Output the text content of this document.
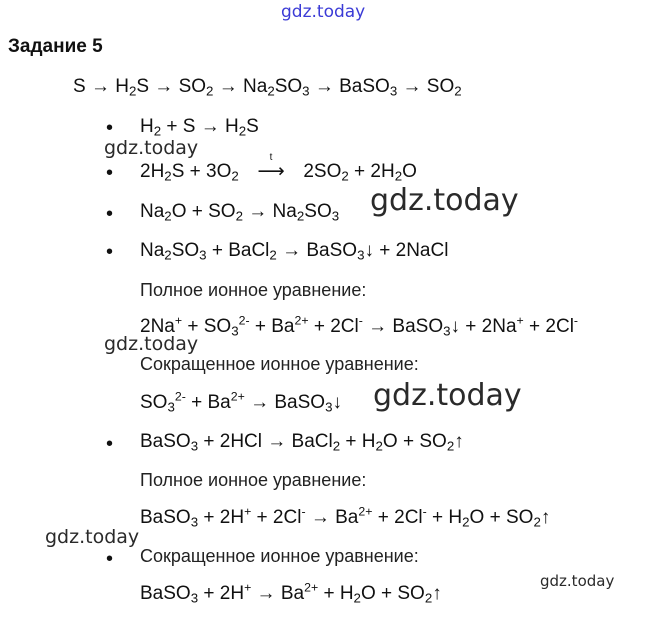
gdz.today
gdz.today
gdz.today
gdz.today
gdz.today
gdz.today
gdz.today
Задание 5
$S \to H_2S \to SO_2 \to Na_2SO_3$ → BaSO$_3$ → $SO_2$
• $H_2 + S \to H_2S$
• $2H_2S + 3O_2$
t
⟶ $2SO_2 + 2H_2O$
• $Na_2O + SO_2 \to Na_2SO_3$
• $Na_2SO_3$ + BaCl$_2$ → BaSO$_3$↓ + 2NaCl
Полное ионное уравнение:
$2Na^+ + SO_3^{2-} + Ba^{2+} + 2Cl^-$ → BaSO$_3$↓ + 2Na+ + 2Cl-
Сокращенное ионное уравнение:
$SO_3^{2-} + Ba^{2+}$ → BaSO$_3$↓
• BaSO$_3$ + 2HCl → BaCl$_2$ + $H_2O$ + $SO_2↑$
Полное ионное уравнение:
BaSO$_3$ + $2H^+ + 2Cl^- \to Ba^{2+} + 2Cl^- + H_2O$ + $SO_2↑$
• Сокращенное ионное уравнение:
BaSO$_3$ + $2H^+ \to Ba^{2+} + H_2O$ + $SO_2↑$
